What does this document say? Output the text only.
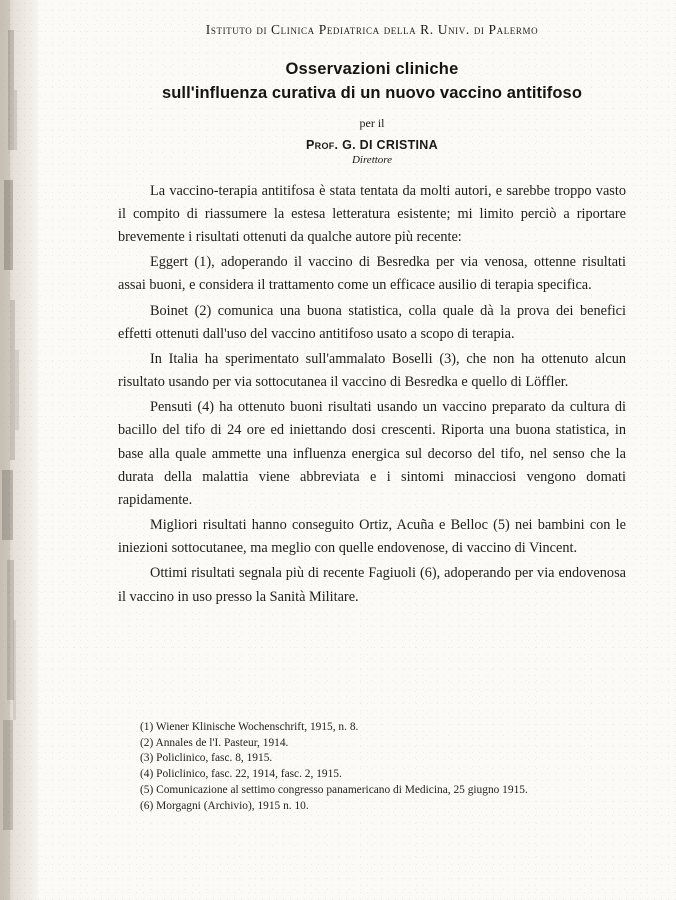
Istituto di Clinica Pediatrica della R. Univ. di Palermo
Osservazioni cliniche
sull'influenza curativa di un nuovo vaccino antitifoso
per il
Prof. G. DI CRISTINA
Direttore

La vaccino-terapia antitifosa è stata tentata da molti autori, e sarebbe troppo vasto il compito di riassumere la estesa letteratura esistente; mi limito perciò a riportare brevemente i risultati ottenuti da qualche autore più recente:

Eggert (1), adoperando il vaccino di Besredka per via venosa, ottenne risultati assai buoni, e considera il trattamento come un efficace ausilio di terapia specifica.

Boinet (2) comunica una buona statistica, colla quale dà la prova dei benefici effetti ottenuti dall'uso del vaccino antitifoso usato a scopo di terapia.

In Italia ha sperimentato sull'ammalato Boselli (3), che non ha ottenuto alcun risultato usando per via sottocutanea il vaccino di Besredka e quello di Löffler.

Pensuti (4) ha ottenuto buoni risultati usando un vaccino preparato da cultura di bacillo del tifo di 24 ore ed iniettando dosi crescenti. Riporta una buona statistica, in base alla quale ammette una influenza energica sul decorso del tifo, nel senso che la durata della malattia viene abbreviata e i sintomi minacciosi vengono domati rapidamente.

Migliori risultati hanno conseguito Ortiz, Acuña e Belloc (5) nei bambini con le iniezioni sottocutanee, ma meglio con quelle endovenose, di vaccino di Vincent.

Ottimi risultati segnala più di recente Fagiuoli (6), adoperando per via endovenosa il vaccino in uso presso la Sanità Militare.

(1) Wiener Klinische Wochenschrift, 1915, n. 8.

(2) Annales de l'I. Pasteur, 1914.

(3) Policlinico, fasc. 8, 1915.

(4) Policlinico, fasc. 22, 1914, fasc. 2, 1915.

(5) Comunicazione al settimo congresso panamericano di Medicina, 25 giugno 1915.

(6) Morgagni (Archivio), 1915 n. 10.
